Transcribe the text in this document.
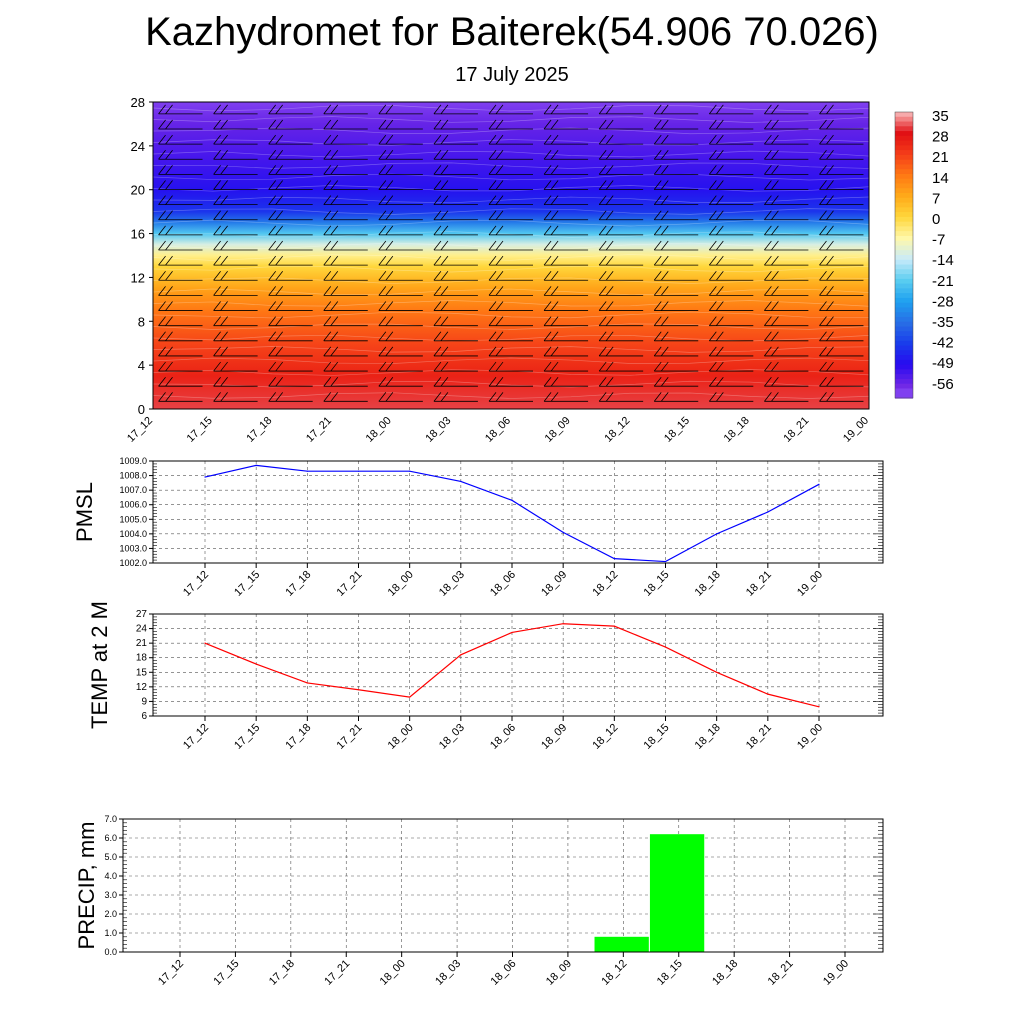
Kazhydromet for Baiterek(54.906 70.026)
17 July 2025
0
4
8
12
16
20
24
28
17_12	17_15	17_18	17_21	18_00	18_03	18_06	18_09	18_12	18_15	18_18	18_21	19_00
35
28
21
14
7
0
-7
-14
-21
-28
-35
-42
-49
-56
1002.0
1003.0
1004.0
1005.0
1006.0
1007.0
1008.0
1009.0
17_12 17_15 17_18 17_21 18_00 18_03 18_06 18_09 18_12 18_15 18_18 18_21 19_00
PMSL
6
9
12
15
18
21
24
27
17_12 17_15 17_18 17_21 18_00 18_03 18_06 18_09 18_12 18_15 18_18 18_21 19_00
TEMP at 2 M
0.0
1.0
2.0
3.0
4.0
5.0
6.0
7.0
17_12 17_15 17_18 17_21 18_00 18_03 18_06 18_09 18_12 18_15 18_18 18_21 19_00
PRECIP, mm
